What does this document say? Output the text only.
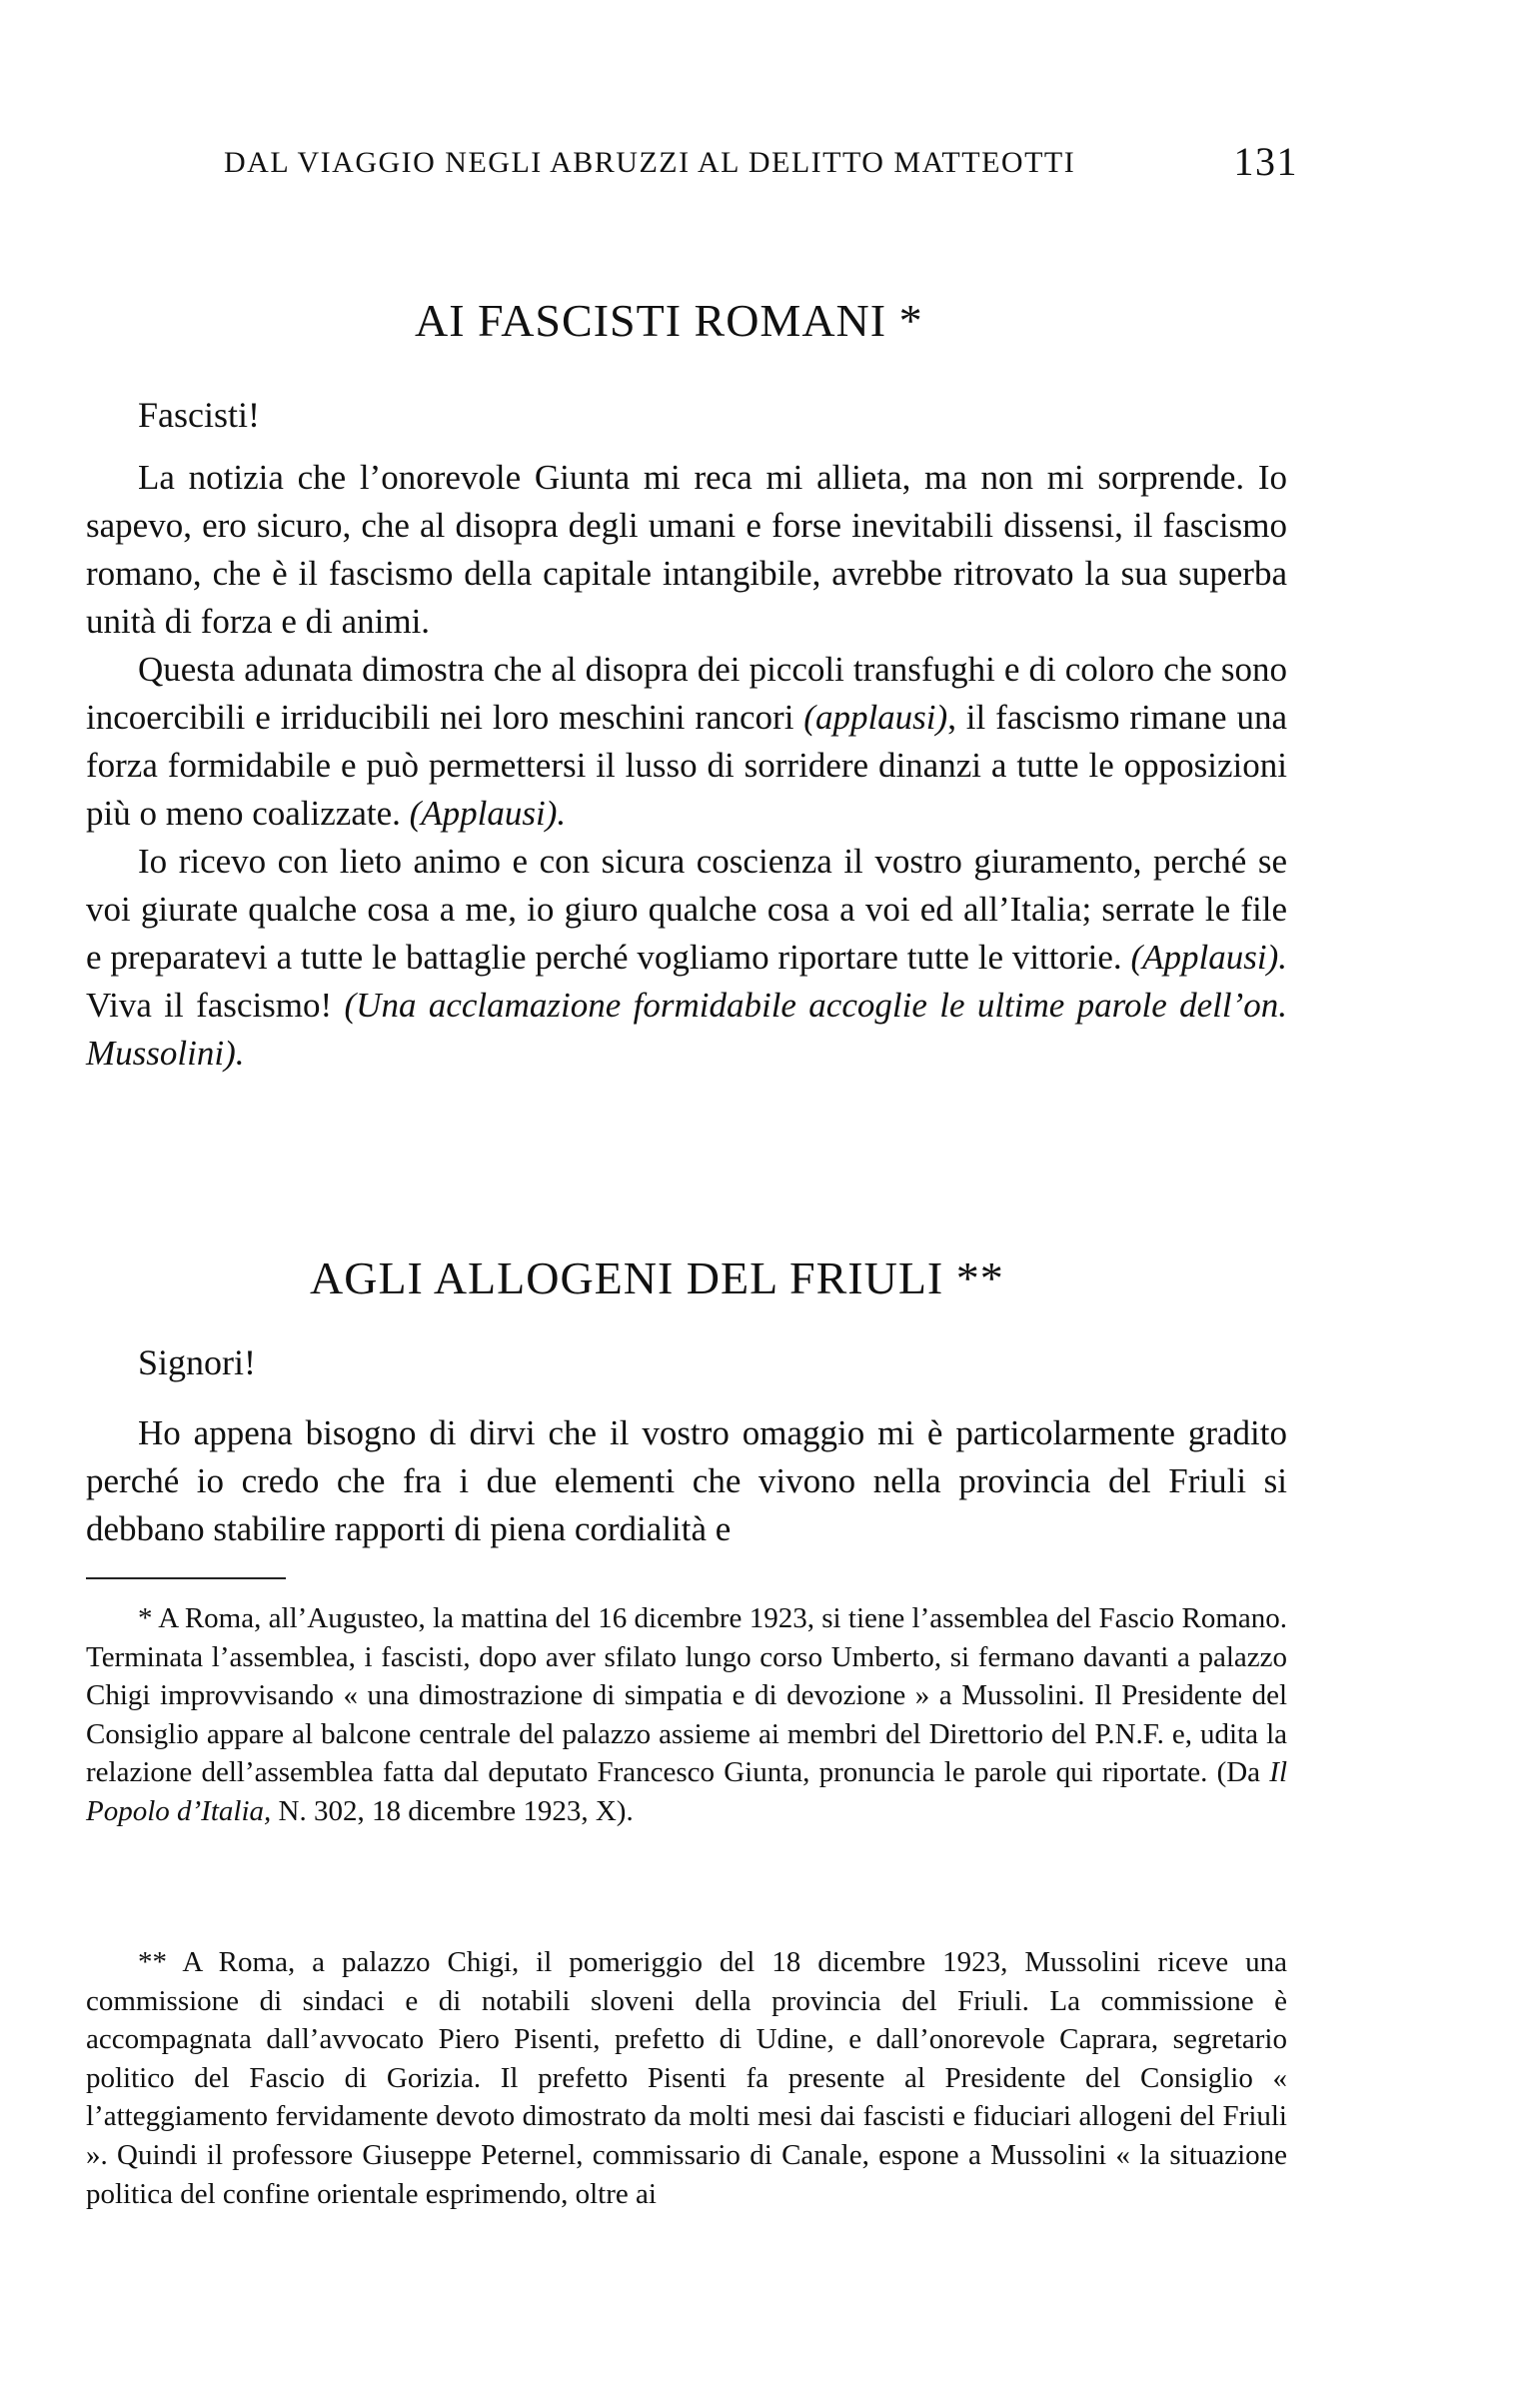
DAL VIAGGIO NEGLI ABRUZZI AL DELITTO MATTEOTTI	131
AI FASCISTI ROMANI *
Fascisti!

La notizia che l’onorevole Giunta mi reca mi allieta, ma non mi sorprende. Io sapevo, ero sicuro, che al disopra degli umani e forse inevitabili dissensi, il fascismo romano, che è il fascismo della capitale intangibile, avrebbe ritrovato la sua superba unità di forza e di animi.

Questa adunata dimostra che al disopra dei piccoli transfughi e di coloro che sono incoercibili e irriducibili nei loro meschini rancori (applausi), il fascismo rimane una forza formidabile e può permettersi il lusso di sorridere dinanzi a tutte le opposizioni più o meno coalizzate. (Applausi).

Io ricevo con lieto animo e con sicura coscienza il vostro giuramento, perché se voi giurate qualche cosa a me, io giuro qualche cosa a voi ed all’Italia; serrate le file e preparatevi a tutte le battaglie perché vogliamo riportare tutte le vittorie. (Applausi). Viva il fascismo! (Una acclamazione formidabile accoglie le ultime parole dell’on. Mussolini).

AGLI ALLOGENI DEL FRIULI **
Signori!

Ho appena bisogno di dirvi che il vostro omaggio mi è particolarmente gradito perché io credo che fra i due elementi che vivono nella provincia del Friuli si debbano stabilire rapporti di piena cordialità e

* A Roma, all’Augusteo, la mattina del 16 dicembre 1923, si tiene l’assemblea del Fascio Romano. Terminata l’assemblea, i fascisti, dopo aver sfilato lungo corso Umberto, si fermano davanti a palazzo Chigi improvvisando « una dimostrazione di simpatia e di devozione » a Mussolini. Il Presidente del Consiglio appare al balcone centrale del palazzo assieme ai membri del Direttorio del P.N.F. e, udita la relazione dell’assemblea fatta dal deputato Francesco Giunta, pronuncia le parole qui riportate. (Da Il Popolo d’Italia, N. 302, 18 dicembre 1923, X).

** A Roma, a palazzo Chigi, il pomeriggio del 18 dicembre 1923, Mussolini riceve una commissione di sindaci e di notabili sloveni della provincia del Friuli. La commissione è accompagnata dall’avvocato Piero Pisenti, prefetto di Udine, e dall’onorevole Caprara, segretario politico del Fascio di Gorizia. Il prefetto Pisenti fa presente al Presidente del Consiglio « l’atteggiamento fervidamente devoto dimostrato da molti mesi dai fascisti e fiduciari allogeni del Friuli ». Quindi il professore Giuseppe Peternel, commissario di Canale, espone a Mussolini « la situazione politica del confine orientale esprimendo, oltre ai
